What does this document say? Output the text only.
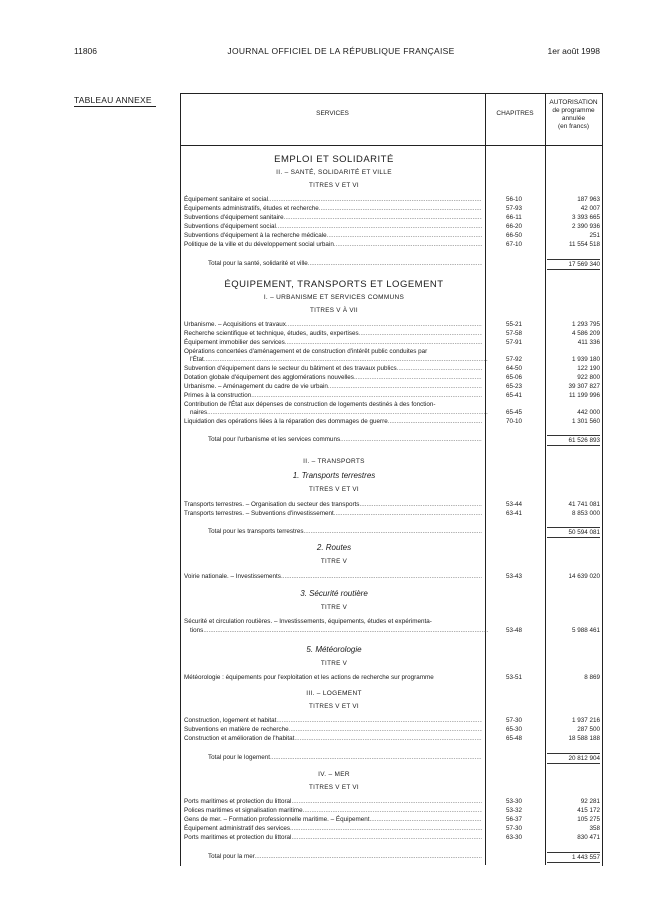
11806	JOURNAL OFFICIEL DE LA RÉPUBLIQUE FRANÇAISE	1er août 1998
TABLEAU ANNEXE
SERVICES	CHAPITRES
AUTORISATION
de programme
annulée
(en francs)
EMPLOI ET SOLIDARITÉ
II. – SANTÉ, SOLIDARITÉ ET VILLE
TITRES V ET VI
Équipement sanitaire et social .....	56-10	187 963
Équipements administratifs, études et recherche .....	57-93	42 007
Subventions d'équipement sanitaire .....	66-11	3 393 665
Subventions d'équipement social .....	66-20	2 390 936
Subventions d'équipement à la recherche médicale .....	66-50	251
Politique de la ville et du développement social urbain .....	67-10	11 554 518
Total pour la santé, solidarité et ville .....	17 569 340
ÉQUIPEMENT, TRANSPORTS ET LOGEMENT
I. – URBANISME ET SERVICES COMMUNS
TITRES V À VII
Urbanisme. – Acquisitions et travaux .....	55-21	1 293 795
Recherche scientifique et technique, études, audits, expertises .....	57-58	4 586 209
Équipement immobilier des services .....	57-91	411 336
Opérations concertées d'aménagement et de construction d'intérêt public conduites par
l'État .....	57-92	1 939 180
Subvention d'équipement dans le secteur du bâtiment et des travaux publics .....	64-50	122 190
Dotation globale d'équipement des agglomérations nouvelles .....	65-06	922 800
Urbanisme. – Aménagement du cadre de vie urbain .....	65-23	39 307 827
Primes à la construction .....	65-41	11 199 996
Contribution de l'État aux dépenses de construction de logements destinés à des fonction-
naires .....	65-45	442 000
Liquidation des opérations liées à la réparation des dommages de guerre .....	70-10	1 301 560
Total pour l'urbanisme et les services communs .....	61 526 893
II. – TRANSPORTS
1. Transports terrestres
TITRES V ET VI
Transports terrestres. – Organisation du secteur des transports .....	53-44	41 741 081
Transports terrestres. – Subventions d'investissement .....	63-41	8 853 000
Total pour les transports terrestres .....	50 594 081
2. Routes
TITRE V
Voirie nationale. – Investissements .....	53-43	14 639 020
3. Sécurité routière
TITRE V
Sécurité et circulation routières. – Investissements, équipements, études et expérimenta-
tions .....	53-48	5 988 461
5. Météorologie
TITRE V
Météorologie : équipements pour l'exploitation et les actions de recherche sur programme	53-51	8 869
III. – LOGEMENT
TITRES V ET VI
Construction, logement et habitat .....	57-30	1 937 216
Subventions en matière de recherche .....	65-30	287 500
Construction et amélioration de l'habitat .....	65-48	18 588 188
Total pour le logement .....	20 812 904
IV. – MER
TITRES V ET VI
Ports maritimes et protection du littoral .....	53-30	92 281
Polices maritimes et signalisation maritime .....	53-32	415 172
Gens de mer. – Formation professionnelle maritime. – Équipement .....	56-37	105 275
Équipement administratif des services .....	57-30	358
Ports maritimes et protection du littoral .....	63-30	830 471
Total pour la mer .....	1 443 557
